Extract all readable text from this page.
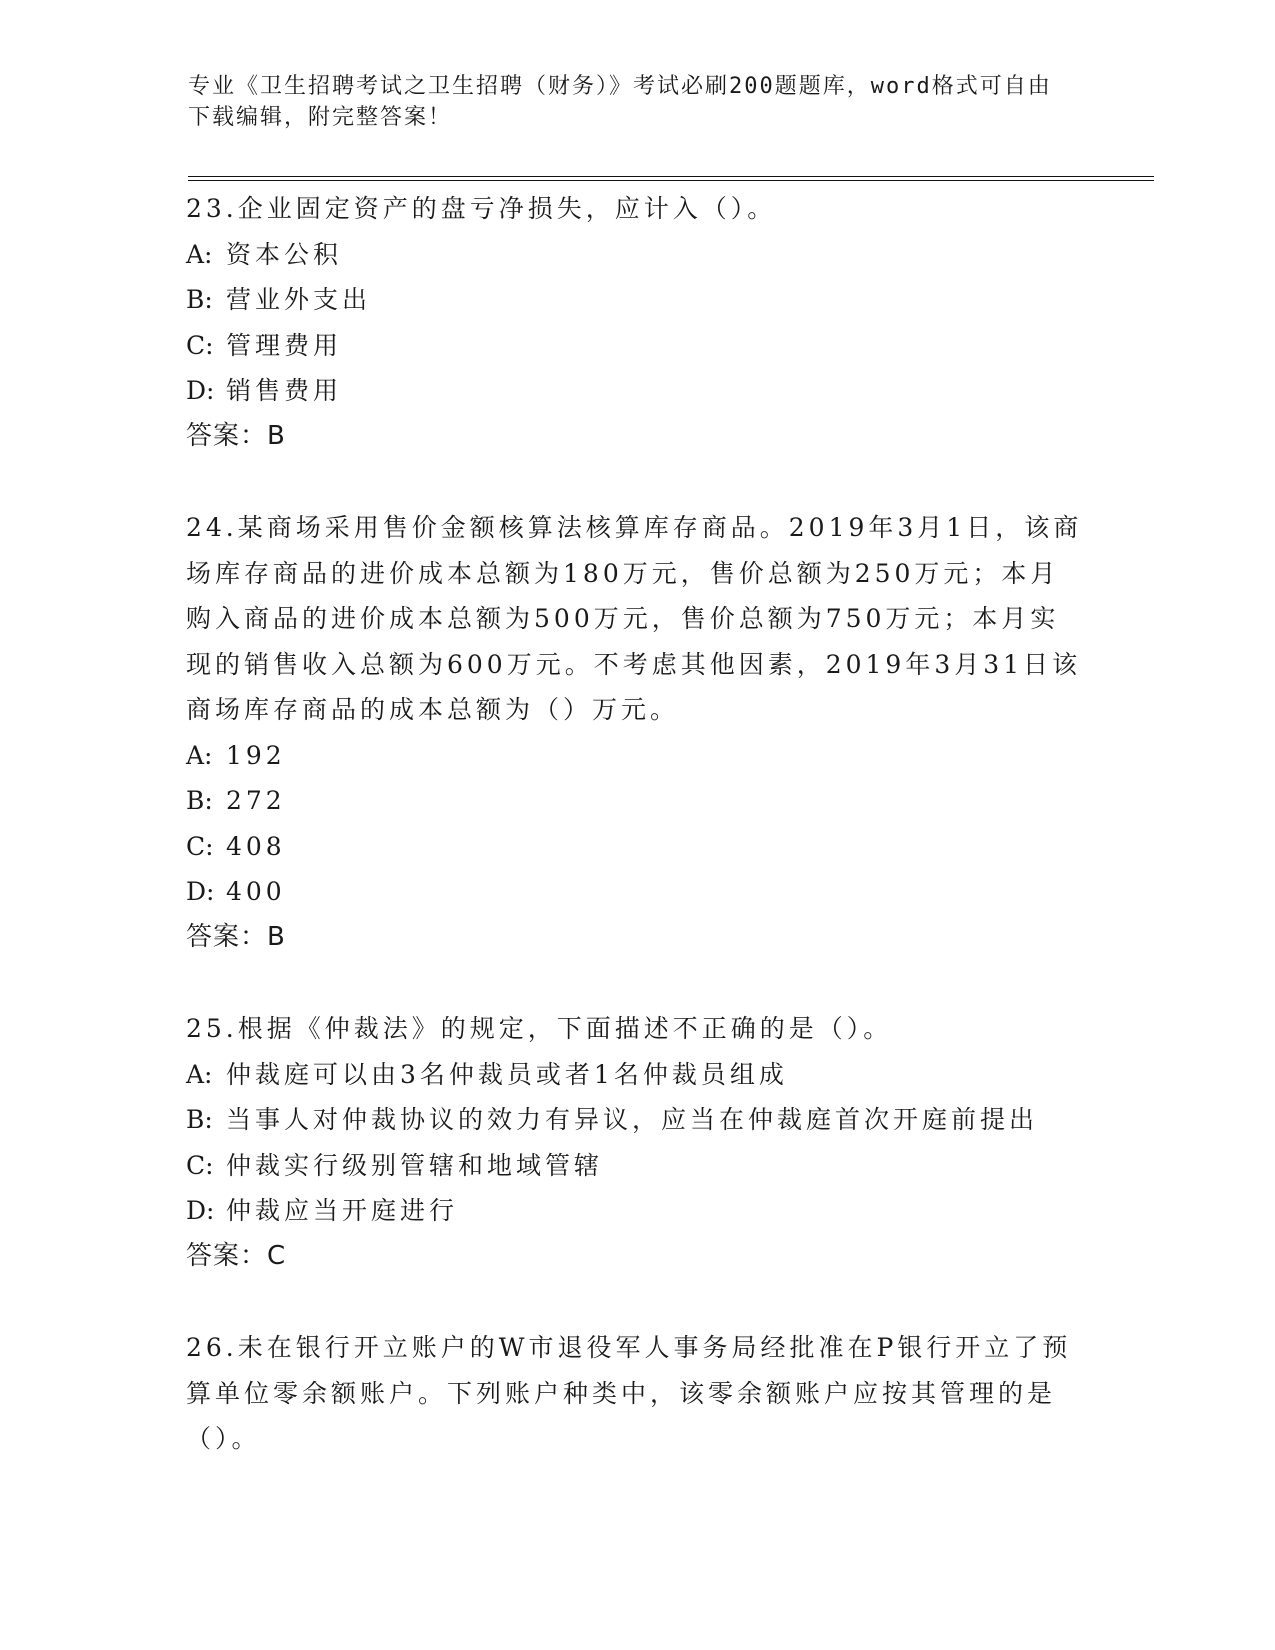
专业《卫生招聘考试之卫生招聘（财务）》考试必刷200题题库，word格式可自由下载编辑，附完整答案！

23.企业固定资产的盘亏净损失，应计入（）。

A: 资本公积

B: 营业外支出

C: 管理费用

D: 销售费用

答案：B

24.某商场采用售价金额核算法核算库存商品。2019年3月1日，该商场库存商品的进价成本总额为180万元，售价总额为250万元；本月购入商品的进价成本总额为500万元，售价总额为750万元；本月实现的销售收入总额为600万元。不考虑其他因素，2019年3月31日该商场库存商品的成本总额为（）万元。

A: 192

B: 272

C: 408

D: 400

答案：B

25.根据《仲裁法》的规定，下面描述不正确的是（）。

A: 仲裁庭可以由3名仲裁员或者1名仲裁员组成

B: 当事人对仲裁协议的效力有异议，应当在仲裁庭首次开庭前提出

C: 仲裁实行级别管辖和地域管辖

D: 仲裁应当开庭进行

答案：C

26.未在银行开立账户的W市退役军人事务局经批准在P银行开立了预算单位零余额账户。下列账户种类中，该零余额账户应按其管理的是（）。
